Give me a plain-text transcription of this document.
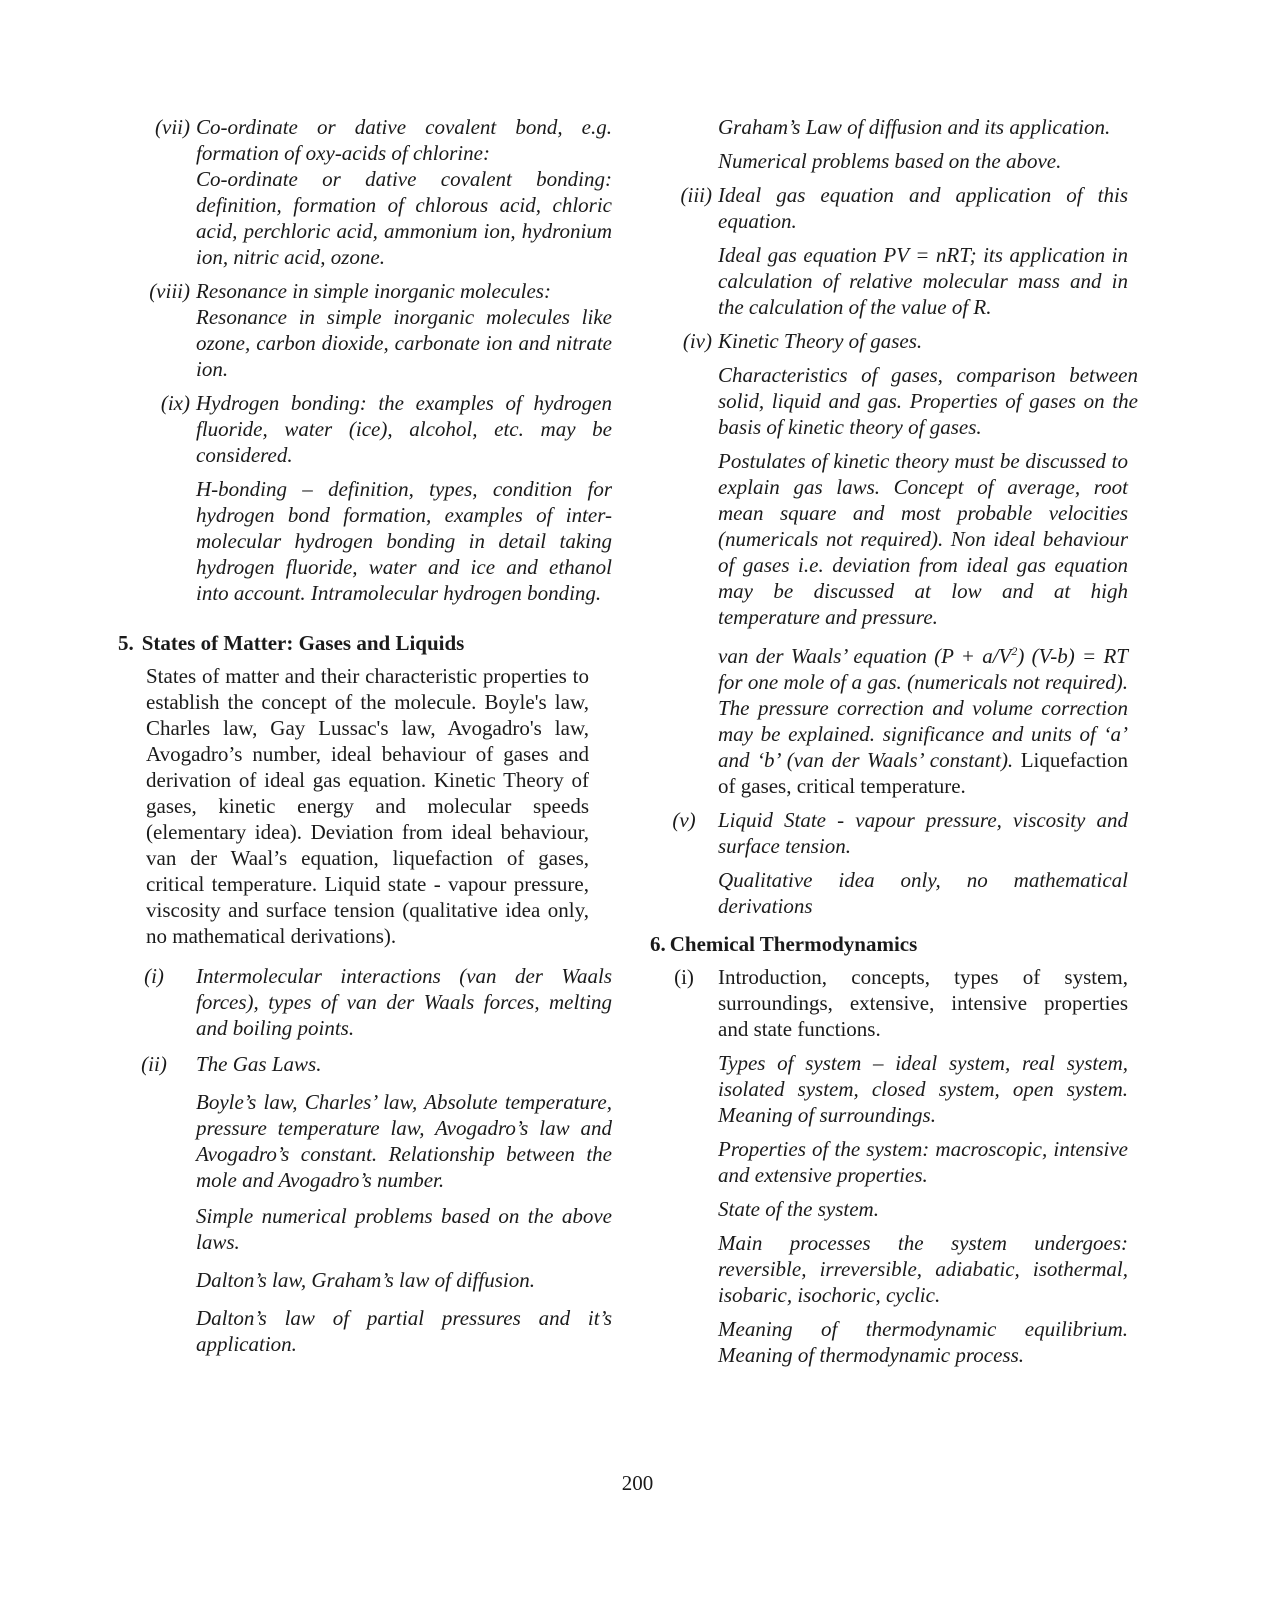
(vii) Co-ordinate or dative covalent bond, e.g. formation of oxy-acids of chlorine:
Co-ordinate or dative covalent bonding: definition, formation of chlorous acid, chloric acid, perchloric acid, ammonium ion, hydronium ion, nitric acid, ozone.
(viii) Resonance in simple inorganic molecules:
Resonance in simple inorganic molecules like ozone, carbon dioxide, carbonate ion and nitrate ion.
(ix) Hydrogen bonding: the examples of hydrogen fluoride, water (ice), alcohol, etc. may be considered.
H-bonding – definition, types, condition for hydrogen bond formation, examples of inter-molecular hydrogen bonding in detail taking hydrogen fluoride, water and ice and ethanol into account. Intramolecular hydrogen bonding.
5. States of Matter: Gases and Liquids
States of matter and their characteristic properties to establish the concept of the molecule. Boyle's law, Charles law, Gay Lussac's law, Avogadro's law, Avogadro’s number, ideal behaviour of gases and derivation of ideal gas equation. Kinetic Theory of gases, kinetic energy and molecular speeds (elementary idea). Deviation from ideal behaviour, van der Waal’s equation, liquefaction of gases, critical temperature. Liquid state - vapour pressure, viscosity and surface tension (qualitative idea only, no mathematical derivations).
(i)	Intermolecular interactions (van der Waals forces), types of van der Waals forces, melting and boiling points.
(ii)	The Gas Laws.
Boyle’s law, Charles’ law, Absolute temperature, pressure temperature law, Avogadro’s law and Avogadro’s constant. Relationship between the mole and Avogadro’s number.
Simple numerical problems based on the above laws.
Dalton’s law, Graham’s law of diffusion.
Dalton’s law of partial pressures and it’s application.
Graham’s Law of diffusion and its application.
Numerical problems based on the above.
(iii) Ideal gas equation and application of this equation.
Ideal gas equation PV = nRT; its application in calculation of relative molecular mass and in the calculation of the value of R.
(iv) Kinetic Theory of gases.
Characteristics of gases, comparison between solid, liquid and gas. Properties of gases on the basis of kinetic theory of gases.
Postulates of kinetic theory must be discussed to explain gas laws. Concept of average, root mean square and most probable velocities (numericals not required). Non ideal behaviour of gases i.e. deviation from ideal gas equation may be discussed at low and at high temperature and pressure.
van der Waals’ equation $(P + a/V^2)$ (V-b) = RT for one mole of a gas. (numericals not required). The pressure correction and volume correction may be explained. significance and units of ‘a’ and ‘b’ (van der Waals’ constant). Liquefaction of gases, critical temperature.
(v)	Liquid State - vapour pressure, viscosity and surface tension.
Qualitative idea only, no mathematical derivations
6. Chemical Thermodynamics
(i)	Introduction, concepts, types of system, surroundings, extensive, intensive properties and state functions.
Types of system – ideal system, real system, isolated system, closed system, open system. Meaning of surroundings.
Properties of the system: macroscopic, intensive and extensive properties.
State of the system.
Main processes the system undergoes: reversible, irreversible, adiabatic, isothermal, isobaric, isochoric, cyclic.
Meaning of thermodynamic equilibrium. Meaning of thermodynamic process.
200
